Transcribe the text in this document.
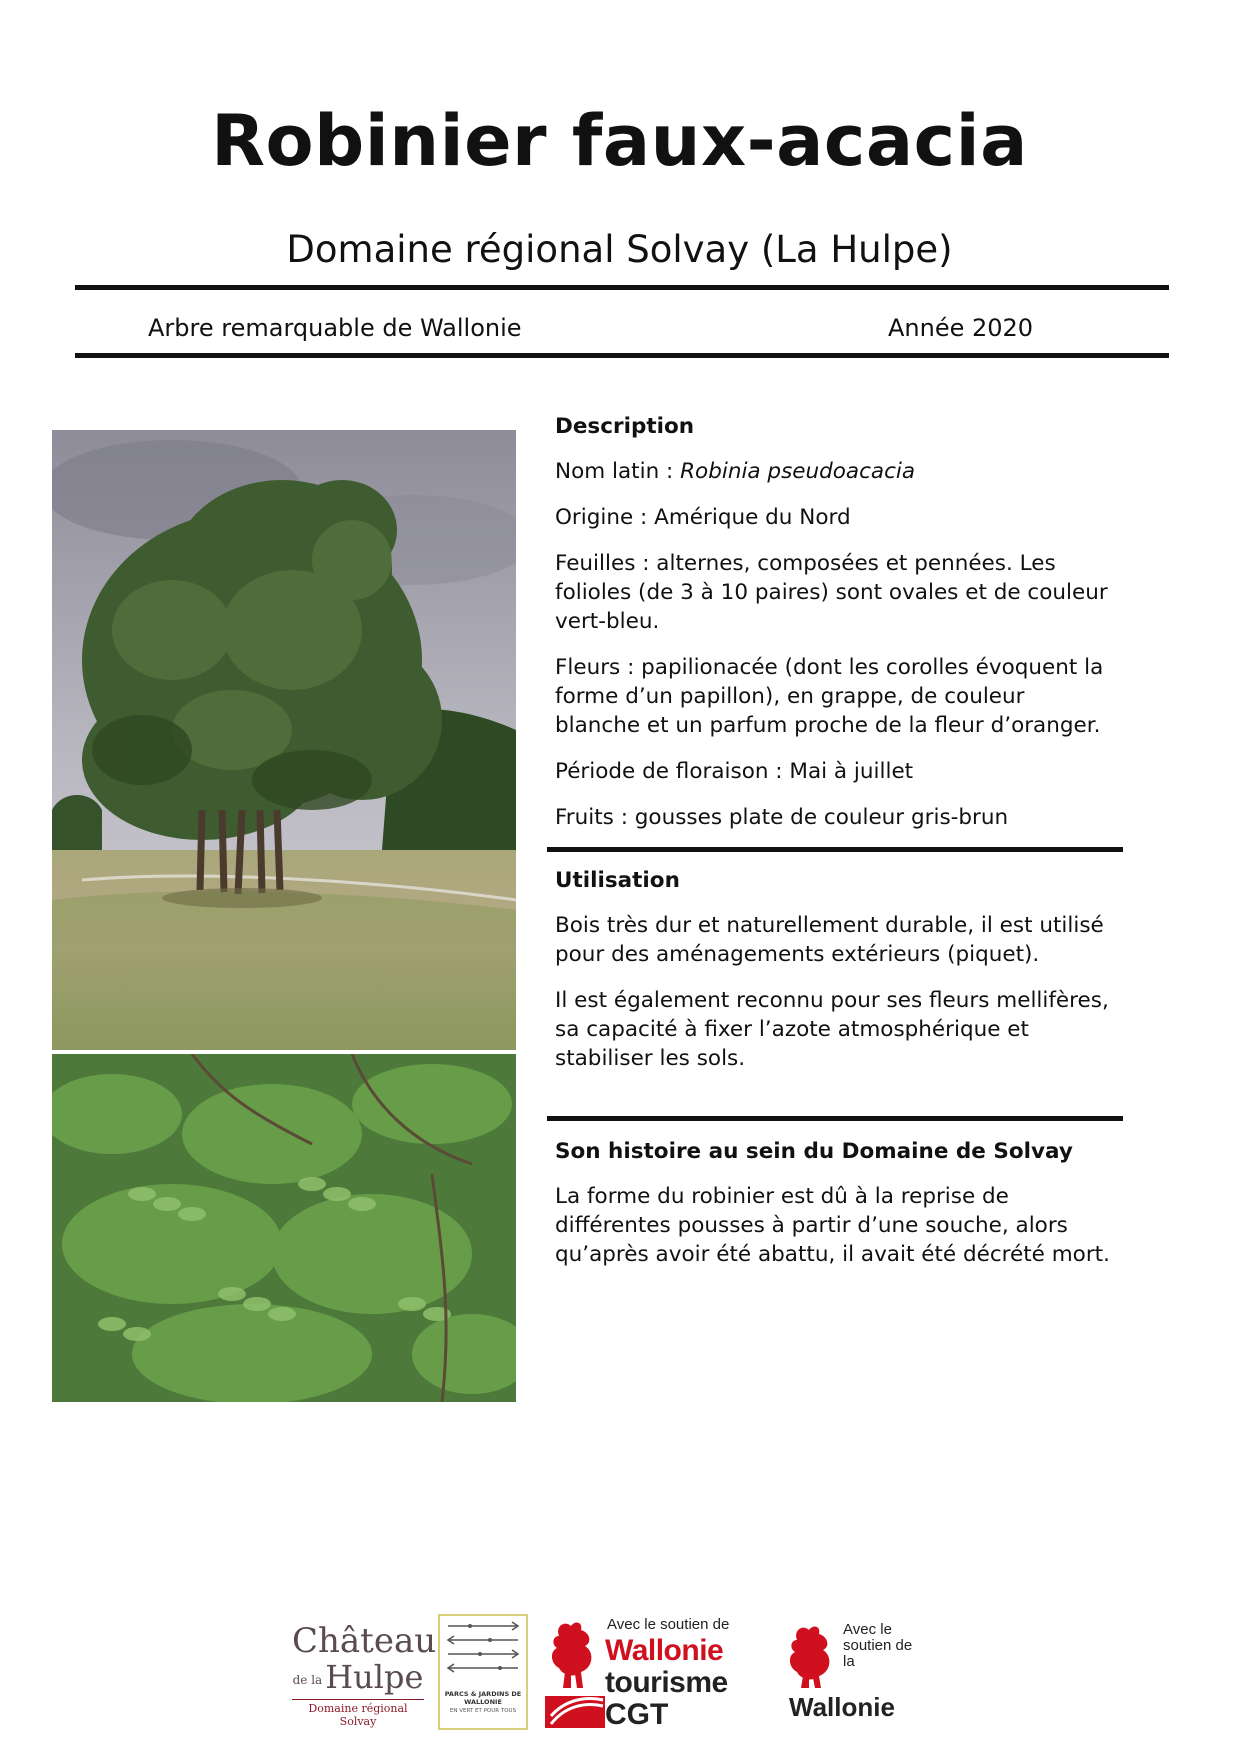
Robinier faux-acacia
Domaine régional Solvay (La Hulpe)
Arbre remarquable de Wallonie	Année 2020
Description

Nom latin : Robinia pseudoacacia

Origine : Amérique du Nord

Feuilles : alternes, composées et pennées. Les folioles (de 3 à 10 paires) sont ovales et de couleur vert-bleu.

Fleurs : papilionacée (dont les corolles évoquent la forme d’un papillon), en grappe, de couleur blanche et un parfum proche de la fleur d’oranger.

Période de floraison : Mai à juillet

Fruits : gousses plate de couleur gris-brun

Utilisation

Bois très dur et naturellement durable, il est utilisé pour des aménagements extérieurs (piquet).

Il est également reconnu pour ses fleurs mellifères, sa capacité à fixer l’azote atmosphérique et stabiliser les sols.

Son histoire au sein du Domaine de Solvay

La forme du robinier est dû à la reprise de différentes pousses à partir d’une souche, alors qu’après avoir été abattu, il avait été décrété mort.

Château
de laHulpe
Domaine régional Solvay
PARCS & JARDINS DE WALLONIE
EN VERT ET POUR TOUS
Avec le soutien de
Wallonie
tourisme
CGT
Avec le soutien de la
Wallonie
